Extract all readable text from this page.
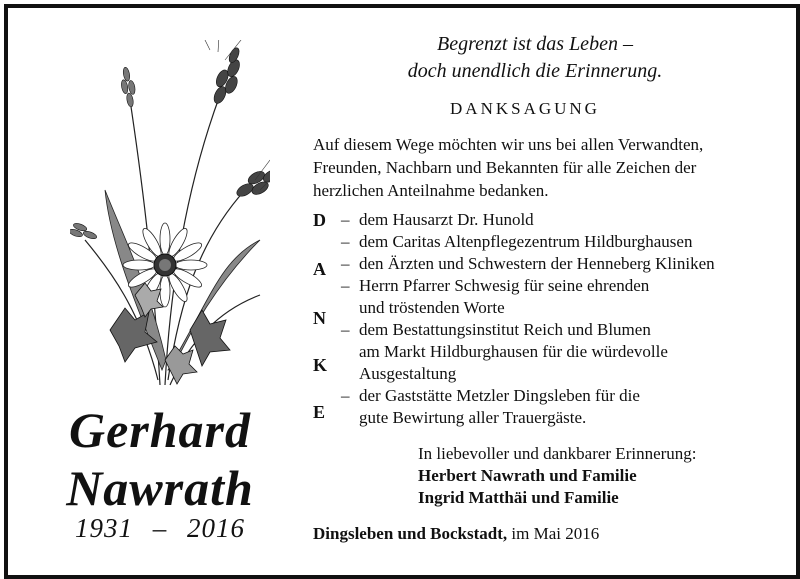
Gerhard
Nawrath
1931 – 2016
Begrenzt ist das Leben –
doch unendlich die Erinnerung.
DANKSAGUNG
Auf diesem Wege möchten wir uns bei allen Verwandten,
Freunden, Nachbarn und Bekannten für alle Zeichen der
herzlichen Anteilnahme bedanken.
D
A
N
K
E
– dem Hausarzt Dr. Hunold
– dem Caritas Altenpflegezentrum Hildburghausen
– den Ärzten und Schwestern der Henneberg Kliniken
– Herrn Pfarrer Schwesig für seine ehrenden
und tröstenden Worte
– dem Bestattungsinstitut Reich und Blumen
am Markt Hildburghausen für die würdevolle
Ausgestaltung
– der Gaststätte Metzler Dingsleben für die
gute Bewirtung aller Trauergäste.
In liebevoller und dankbarer Erinnerung:
Herbert Nawrath und Familie
Ingrid Matthäi und Familie
Dingsleben und Bockstadt, im Mai 2016
